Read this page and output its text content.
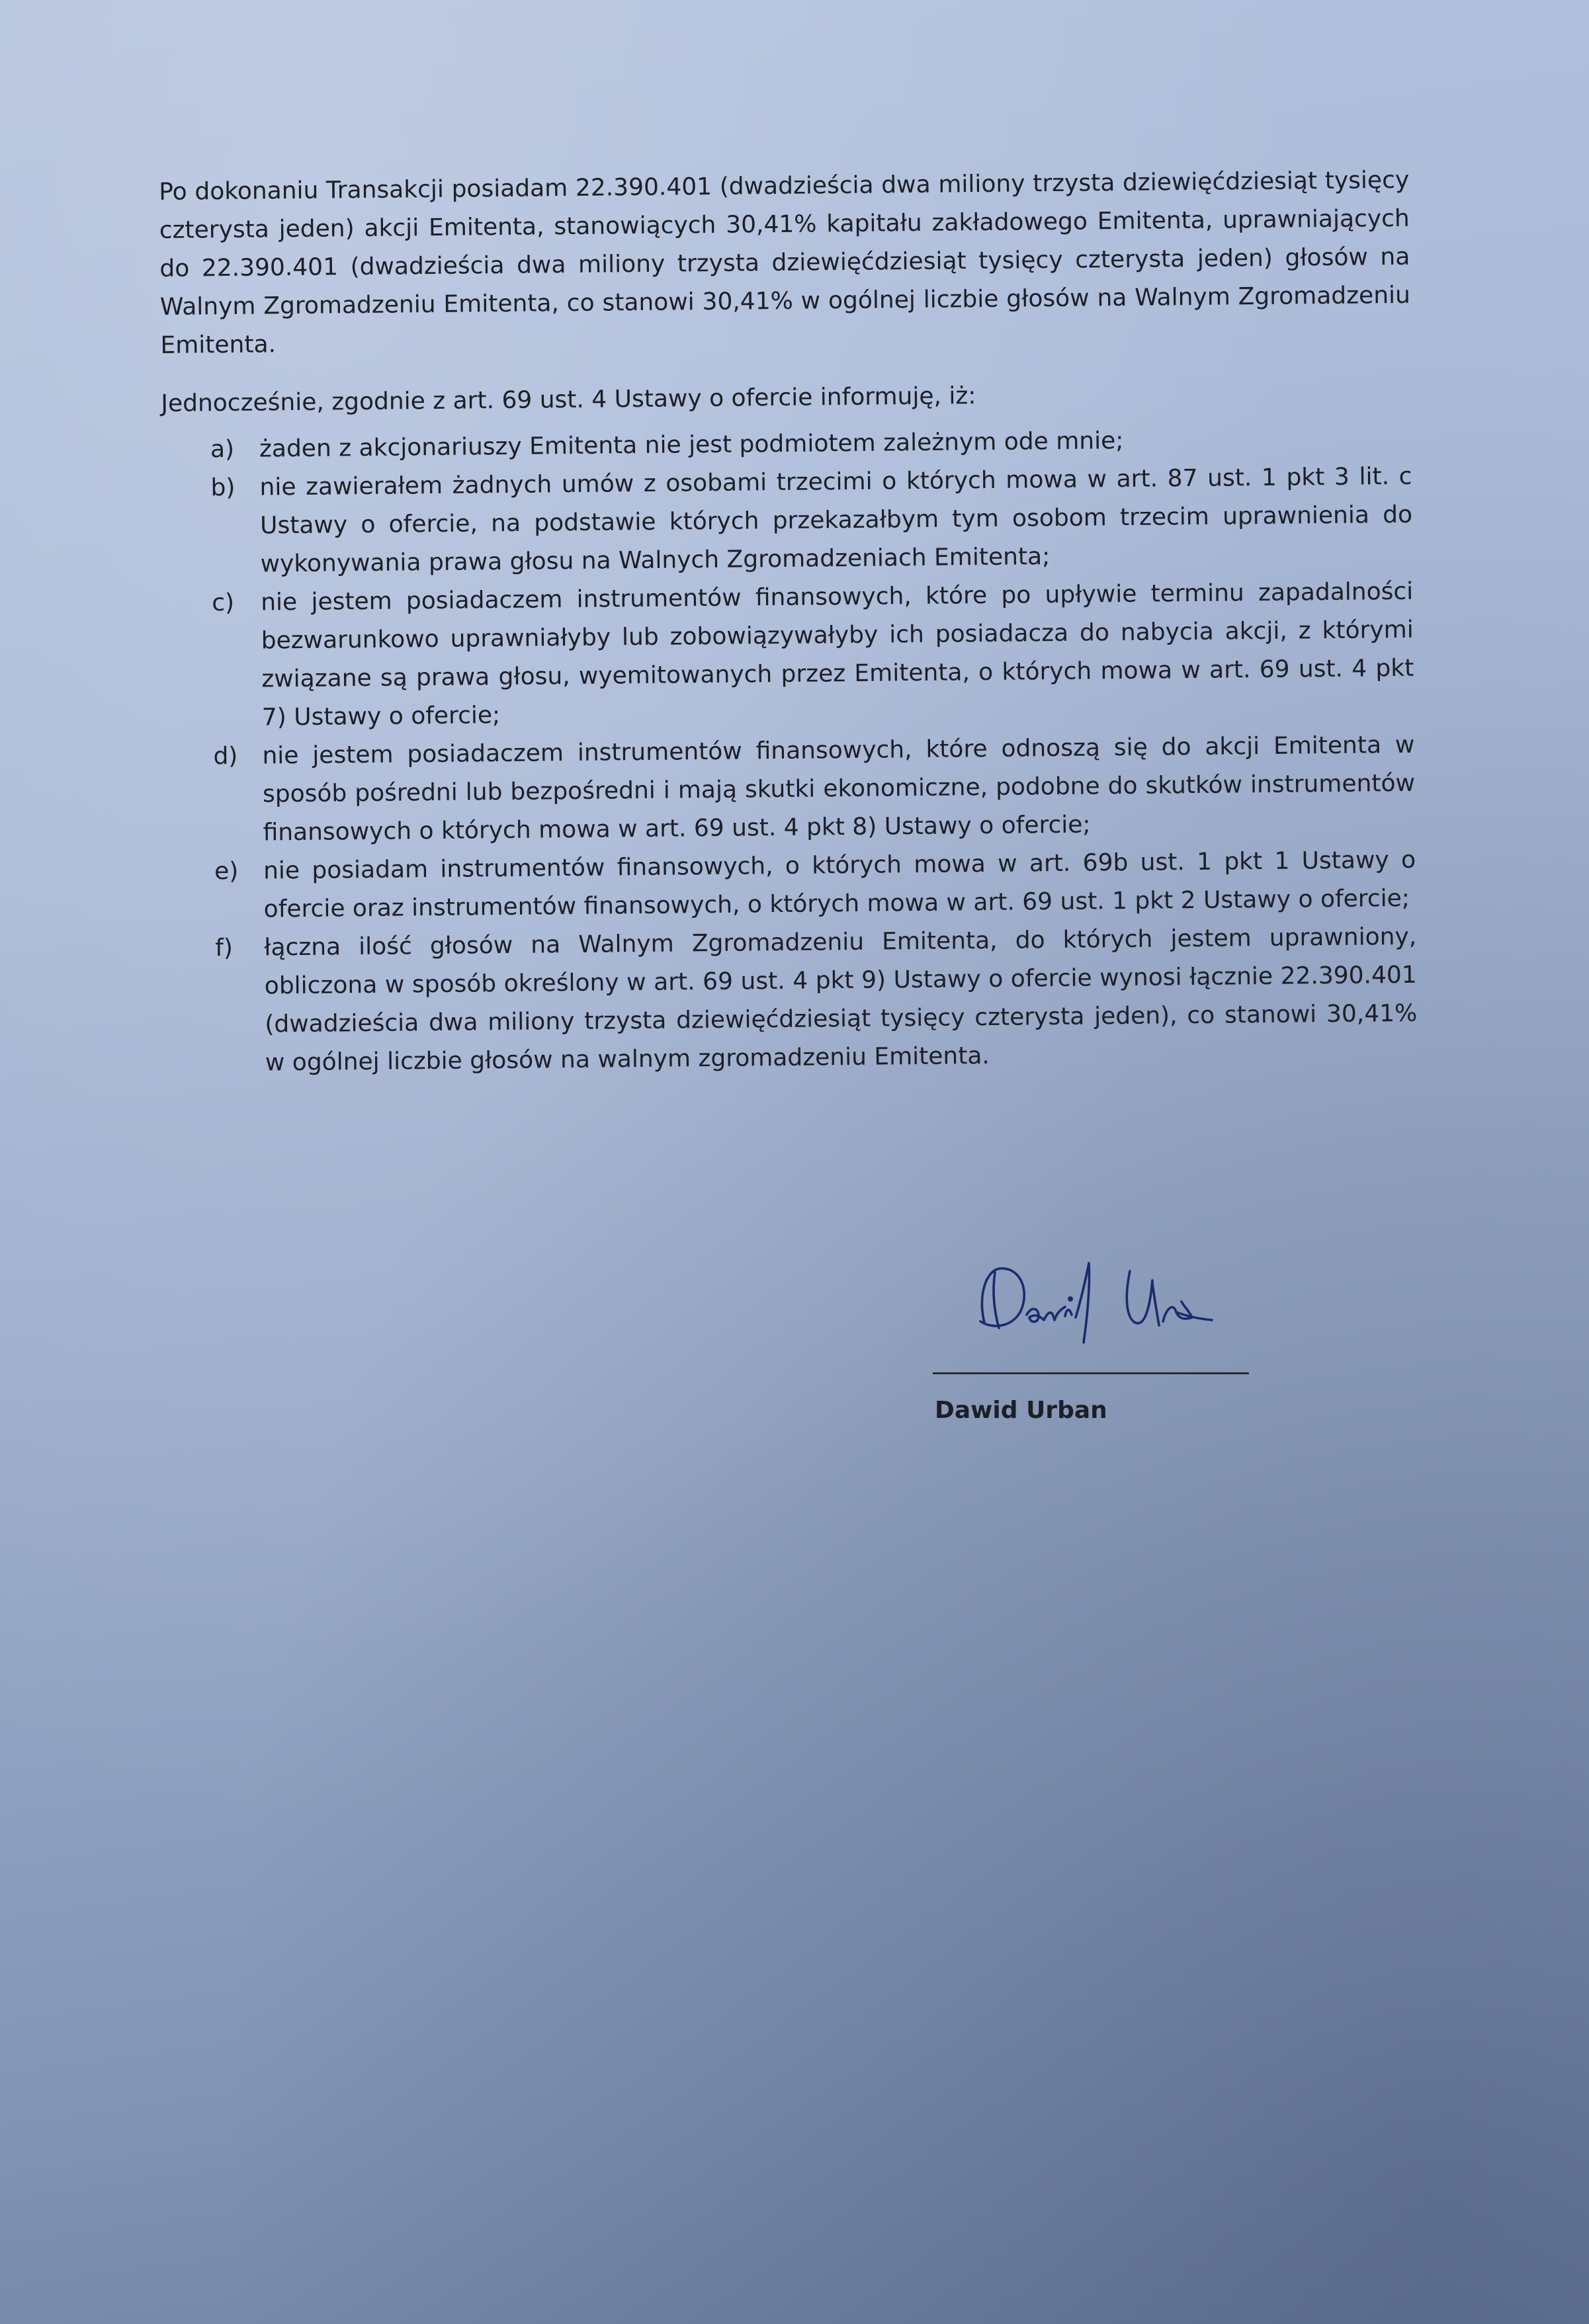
Po dokonaniu Transakcji posiadam 22.390.401 (dwadzieścia dwa miliony trzysta dziewięćdziesiąt tysięcy czterysta jeden) akcji Emitenta, stanowiących 30,41% kapitału zakładowego Emitenta, uprawniających do 22.390.401 (dwadzieścia dwa miliony trzysta dziewięćdziesiąt tysięcy czterysta jeden) głosów na Walnym Zgromadzeniu Emitenta, co stanowi 30,41% w ogólnej liczbie głosów na Walnym Zgromadzeniu Emitenta.

Jednocześnie, zgodnie z art. 69 ust. 4 Ustawy o ofercie informuję, iż:

a) żaden z akcjonariuszy Emitenta nie jest podmiotem zależnym ode mnie;
b) nie zawierałem żadnych umów z osobami trzecimi o których mowa w art. 87 ust. 1 pkt 3 lit. c Ustawy o ofercie, na podstawie których przekazałbym tym osobom trzecim uprawnienia do wykonywania prawa głosu na Walnych Zgromadzeniach Emitenta;
c) nie jestem posiadaczem instrumentów finansowych, które po upływie terminu zapadalności bezwarunkowo uprawniałyby lub zobowiązywałyby ich posiadacza do nabycia akcji, z którymi związane są prawa głosu, wyemitowanych przez Emitenta, o których mowa w art. 69 ust. 4 pkt 7) Ustawy o ofercie;
d) nie jestem posiadaczem instrumentów finansowych, które odnoszą się do akcji Emitenta w sposób pośredni lub bezpośredni i mają skutki ekonomiczne, podobne do skutków instrumentów finansowych o których mowa w art. 69 ust. 4 pkt 8) Ustawy o ofercie;
e) nie posiadam instrumentów finansowych, o których mowa w art. 69b ust. 1 pkt 1 Ustawy o ofercie oraz instrumentów finansowych, o których mowa w art. 69 ust. 1 pkt 2 Ustawy o ofercie;
f) łączna ilość głosów na Walnym Zgromadzeniu Emitenta, do których jestem uprawniony, obliczona w sposób określony w art. 69 ust. 4 pkt 9) Ustawy o ofercie wynosi łącznie 22.390.401 (dwadzieścia dwa miliony trzysta dziewięćdziesiąt tysięcy czterysta jeden), co stanowi 30,41% w ogólnej liczbie głosów na walnym zgromadzeniu Emitenta.
Dawid Urban
